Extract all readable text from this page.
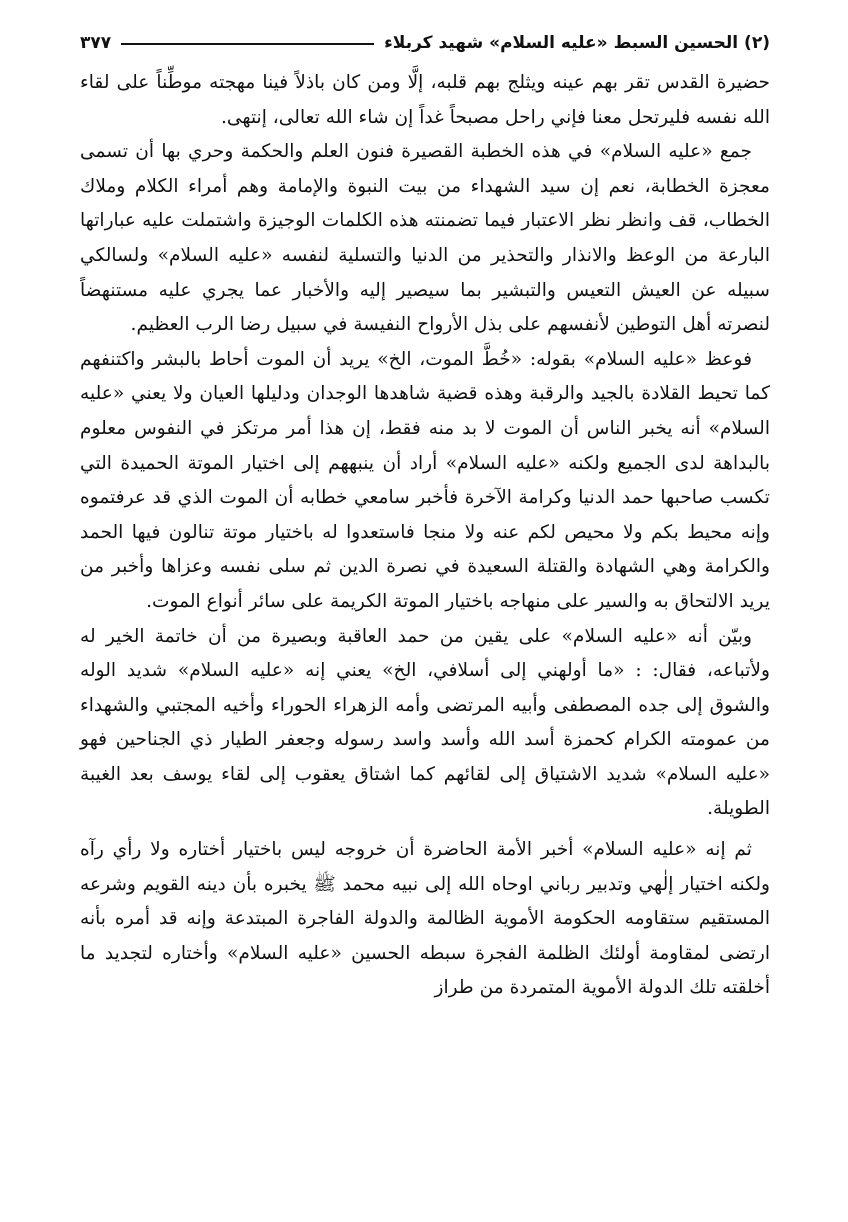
(٢) الحسين السبط «عليه السلام» شهيد كربلاء
٣٧٧

حضيرة القدس تقر بهم عينه ويثلج بهم قلبه، إلَّا ومن كان باذلاً فينا مهجته موطِّناً على لقاء الله نفسه فليرتحل معنا فإني راحل مصبحاً غداً إن شاء الله تعالى، إنتهى.

جمع «عليه السلام» في هذه الخطبة القصيرة فنون العلم والحكمة وحري بها أن تسمى معجزة الخطابة، نعم إن سيد الشهداء من بيت النبوة والإمامة وهم أمراء الكلام وملاك الخطاب، قف وانظر نظر الاعتبار فيما تضمنته هذه الكلمات الوجيزة واشتملت عليه عباراتها البارعة من الوعظ والانذار والتحذير من الدنيا والتسلية لنفسه «عليه السلام» ولسالكي سبيله عن العيش التعيس والتبشير بما سيصير إليه والأخبار عما يجري عليه مستنهضاً لنصرته أهل التوطين لأنفسهم على بذل الأرواح النفيسة في سبيل رضا الرب العظيم.

فوعظ «عليه السلام» بقوله: «خُطَّ الموت، الخ» يريد أن الموت أحاط بالبشر واكتنفهم كما تحيط القلادة بالجيد والرقبة وهذه قضية شاهدها الوجدان ودليلها العيان ولا يعني «عليه السلام» أنه يخبر الناس أن الموت لا بد منه فقط، إن هذا أمر مرتكز في النفوس معلوم بالبداهة لدى الجميع ولكنه «عليه السلام» أراد أن ينبههم إلى اختيار الموتة الحميدة التي تكسب صاحبها حمد الدنيا وكرامة الآخرة فأخبر سامعي خطابه أن الموت الذي قد عرفتموه وإنه محيط بكم ولا محيص لكم عنه ولا منجا فاستعدوا له باختيار موتة تنالون فيها الحمد والكرامة وهي الشهادة والقتلة السعيدة في نصرة الدين ثم سلى نفسه وعزاها وأخبر من يريد الالتحاق به والسير على منهاجه باختيار الموتة الكريمة على سائر أنواع الموت.

وبيّن أنه «عليه السلام» على يقين من حمد العاقبة وبصيرة من أن خاتمة الخير له ولأتباعه، فقال: : «ما أولهني إلى أسلافي، الخ» يعني إنه «عليه السلام» شديد الوله والشوق إلى جده المصطفى وأبيه المرتضى وأمه الزهراء الحوراء وأخيه المجتبي والشهداء من عمومته الكرام كحمزة أسد الله وأسد واسد رسوله وجعفر الطيار ذي الجناحين فهو «عليه السلام» شديد الاشتياق إلى لقائهم كما اشتاق يعقوب إلى لقاء يوسف بعد الغيبة الطويلة.

ثم إنه «عليه السلام» أخبر الأمة الحاضرة أن خروجه ليس باختيار أختاره ولا رأي رآه ولكنه اختيار إلٰهي وتدبير رباني اوحاه الله إلى نبيه محمد ﷺ يخبره بأن دينه القويم وشرعه المستقيم ستقاومه الحكومة الأموية الظالمة والدولة الفاجرة المبتدعة وإنه قد أمره بأنه ارتضى لمقاومة أولئك الظلمة الفجرة سبطه الحسين «عليه السلام» وأختاره لتجديد ما أخلقته تلك الدولة الأموية المتمردة من طراز
